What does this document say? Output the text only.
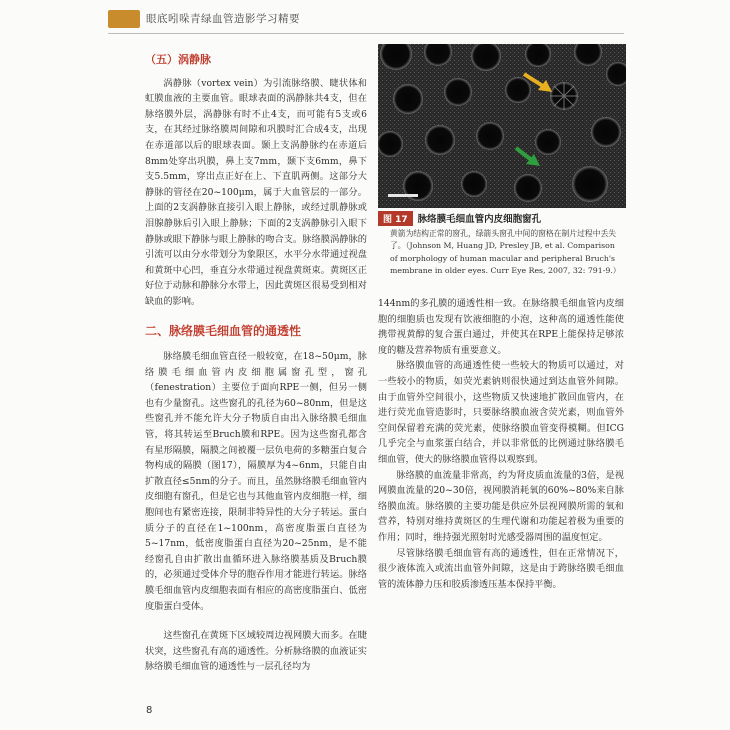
眼底吲哚青绿血管造影学习精要
（五）涡静脉

涡静脉（vortex vein）为引流脉络膜、睫状体和虹膜血液的主要血管。眼球表面的涡静脉共4支，但在脉络膜外层，涡静脉有时不止4支，而可能有5支或6支，在其经过脉络膜周间隙和巩膜时汇合成4支，出现在赤道部以后的眼球表面。颞上支涡静脉约在赤道后8mm处穿出巩膜，鼻上支7mm，颞下支6mm，鼻下支5.5mm，穿出点正好在上、下直肌两侧。这部分大静脉的管径在20~100μm，属于大血管层的一部分。上面的2支涡静脉直接引入眼上静脉，或经过肌静脉或泪腺静脉后引入眼上静脉；下面的2支涡静脉引入眼下静脉或眼下静脉与眼上静脉的吻合支。脉络膜涡静脉的引流可以由分水带划分为象限区，水平分水带通过视盘和黄斑中心凹，垂直分水带通过视盘黄斑束。黄斑区正好位于动脉和静脉分水带上，因此黄斑区很易受到相对缺血的影响。

二、脉络膜毛细血管的通透性

脉络膜毛细血管直径一般较宽，在18~50μm，脉络膜毛细血管内皮细胞属窗孔型，窗孔（fenestration）主要位于面向RPE一侧，但另一侧也有少量窗孔。这些窗孔的孔径为60~80nm，但是这些窗孔并不能允许大分子物质自由出入脉络膜毛细血管，将其转运至Bruch膜和RPE。因为这些窗孔都含有星形隔膜，隔膜之间被覆一层负电荷的多糖蛋白复合物构成的隔膜（图17），隔膜厚为4~6nm，只能自由扩散直径≤5nm的分子。而且，虽然脉络膜毛细血管内皮细胞有窗孔，但是它也与其他血管内皮细胞一样，细胞间也有紧密连接，限制非特异性的大分子转运。蛋白质分子的直径在1~100nm，高密度脂蛋白直径为5~17nm，低密度脂蛋白直径为20~25nm，是不能经窗孔自由扩散出血循环进入脉络膜基质及Bruch膜的，必须通过受体介导的胞吞作用才能进行转运。脉络膜毛细血管内皮细胞表面有相应的高密度脂蛋白、低密度脂蛋白受体。

这些窗孔在黄斑下区域较周边视网膜大而多。在睫状突，这些窗孔有高的通透性。分析脉络膜的血液证实脉络膜毛细血管的通透性与一层孔径均为

图 17	脉络膜毛细血管内皮细胞窗孔
黄箭为结构正常的窗孔，绿箭头窗孔中间的窗格在制片过程中丢失了。（Johnson M, Huang JD, Presley JB, et al. Comparison of morphology of human macular and peripheral Bruch's membrane in older eyes. Curr Eye Res, 2007, 32: 791-9.）

144nm的多孔膜的通透性相一致。在脉络膜毛细血管内皮细胞的细胞质也发现有饮液细胞的小泡，这种高的通透性能使携带视黄醇的复合蛋白通过，并使其在RPE上能保持足够浓度的糖及营养物质有重要意义。

脉络膜血管的高通透性使一些较大的物质可以通过，对一些较小的物质，如荧光素钠则很快通过到达血管外间隙。由于血管外空间很小，这些物质又快速地扩散回血管内，在进行荧光血管造影时，只要脉络膜血液含荧光素，则血管外空间保留着充满的荧光素，使脉络膜血管变得模糊。但ICG几乎完全与血浆蛋白结合，并以非常低的比例通过脉络膜毛细血管，使大的脉络膜血管得以观察到。

脉络膜的血流量非常高，约为肾皮质血流量的3倍，是视网膜血流量的20~30倍，视网膜消耗氧的60%~80%来自脉络膜血流。脉络膜的主要功能是供应外层视网膜所需的氧和营养，特别对维持黄斑区的生理代谢和功能起着极为重要的作用；同时，维持强光照射时光感受器周围的温度恒定。

尽管脉络膜毛细血管有高的通透性，但在正常情况下，很少液体流入或流出血管外间隙，这是由于跨脉络膜毛细血管的流体静力压和胶质渗透压基本保持平衡。

8
